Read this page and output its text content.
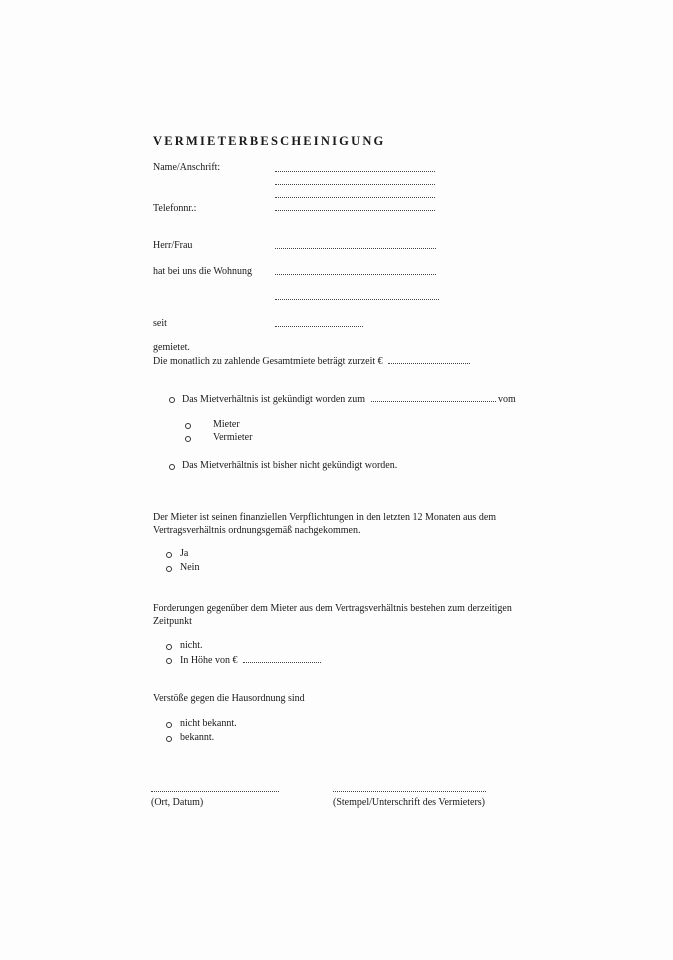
VERMIETERBESCHEINIGUNG
Name/Anschrift:
Telefonnr.:
Herr/Frau
hat bei uns die Wohnung
seit
gemietet.
Die monatlich zu zahlende Gesamtmiete beträgt zurzeit €
Das Mietverhältnis ist gekündigt worden zum	vom
Mieter
Vermieter
Das Mietverhältnis ist bisher nicht gekündigt worden.
Der Mieter ist seinen finanziellen Verpflichtungen in den letzten 12 Monaten aus dem
Vertragsverhältnis ordnungsgemäß nachgekommen.
Ja
Nein
Forderungen gegenüber dem Mieter aus dem Vertragsverhältnis bestehen zum derzeitigen
Zeitpunkt
nicht.
In Höhe von €
Verstöße gegen die Hausordnung sind
nicht bekannt.
bekannt.
(Ort, Datum)	(Stempel/Unterschrift des Vermieters)
